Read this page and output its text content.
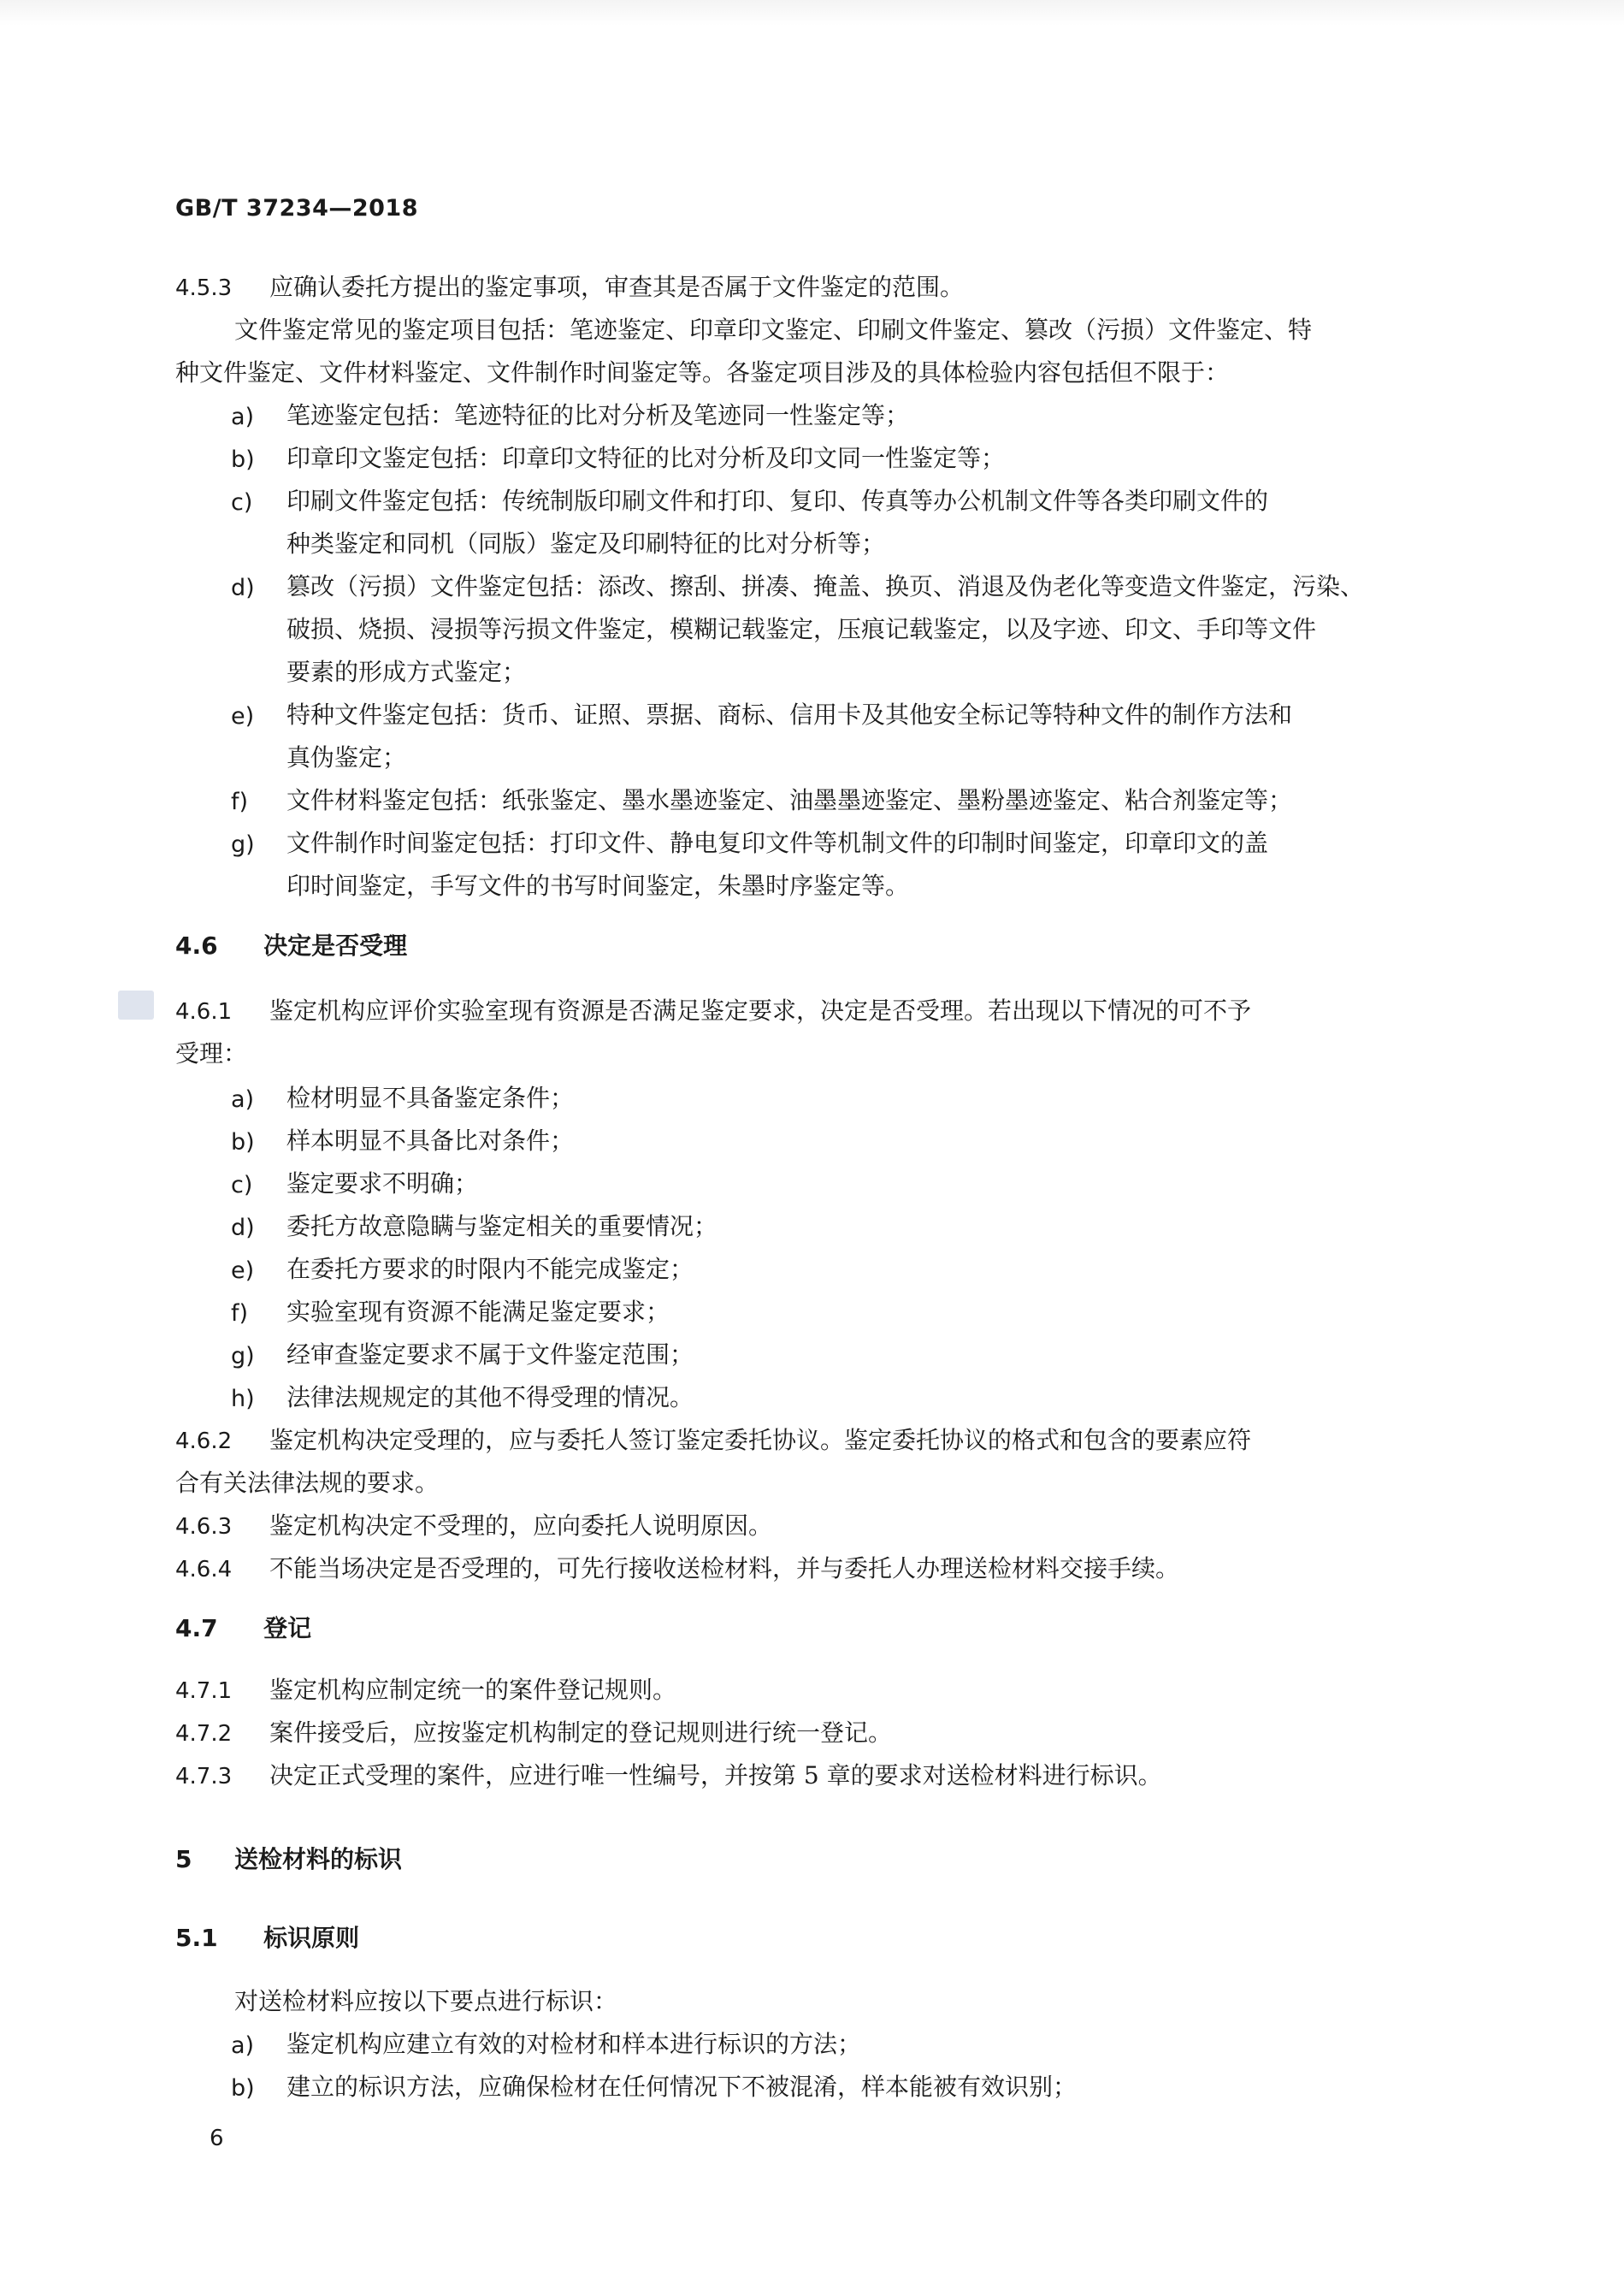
GB/T 37234—2018
4.5.3 应确认委托方提出的鉴定事项，审查其是否属于文件鉴定的范围。
文件鉴定常见的鉴定项目包括：笔迹鉴定、印章印文鉴定、印刷文件鉴定、篡改（污损）文件鉴定、特
种文件鉴定、文件材料鉴定、文件制作时间鉴定等。各鉴定项目涉及的具体检验内容包括但不限于：
a) 笔迹鉴定包括：笔迹特征的比对分析及笔迹同一性鉴定等；
b) 印章印文鉴定包括：印章印文特征的比对分析及印文同一性鉴定等；
c) 印刷文件鉴定包括：传统制版印刷文件和打印、复印、传真等办公机制文件等各类印刷文件的
种类鉴定和同机（同版）鉴定及印刷特征的比对分析等；
d) 篡改（污损）文件鉴定包括：添改、擦刮、拼凑、掩盖、换页、消退及伪老化等变造文件鉴定，污染、
破损、烧损、浸损等污损文件鉴定，模糊记载鉴定，压痕记载鉴定，以及字迹、印文、手印等文件
要素的形成方式鉴定；
e) 特种文件鉴定包括：货币、证照、票据、商标、信用卡及其他安全标记等特种文件的制作方法和
真伪鉴定；
f) 文件材料鉴定包括：纸张鉴定、墨水墨迹鉴定、油墨墨迹鉴定、墨粉墨迹鉴定、粘合剂鉴定等；
g) 文件制作时间鉴定包括：打印文件、静电复印文件等机制文件的印制时间鉴定，印章印文的盖
印时间鉴定，手写文件的书写时间鉴定，朱墨时序鉴定等。
4.6 决定是否受理
4.6.1 鉴定机构应评价实验室现有资源是否满足鉴定要求，决定是否受理。若出现以下情况的可不予
受理：
a) 检材明显不具备鉴定条件；
b) 样本明显不具备比对条件；
c) 鉴定要求不明确；
d) 委托方故意隐瞒与鉴定相关的重要情况；
e) 在委托方要求的时限内不能完成鉴定；
f) 实验室现有资源不能满足鉴定要求；
g) 经审查鉴定要求不属于文件鉴定范围；
h) 法律法规规定的其他不得受理的情况。
4.6.2 鉴定机构决定受理的，应与委托人签订鉴定委托协议。鉴定委托协议的格式和包含的要素应符
合有关法律法规的要求。
4.6.3 鉴定机构决定不受理的，应向委托人说明原因。
4.6.4 不能当场决定是否受理的，可先行接收送检材料，并与委托人办理送检材料交接手续。
4.7 登记
4.7.1 鉴定机构应制定统一的案件登记规则。
4.7.2 案件接受后，应按鉴定机构制定的登记规则进行统一登记。
4.7.3 决定正式受理的案件，应进行唯一性编号，并按第 5 章的要求对送检材料进行标识。
5 送检材料的标识
5.1 标识原则
对送检材料应按以下要点进行标识：
a) 鉴定机构应建立有效的对检材和样本进行标识的方法；
b) 建立的标识方法，应确保检材在任何情况下不被混淆，样本能被有效识别；
6
